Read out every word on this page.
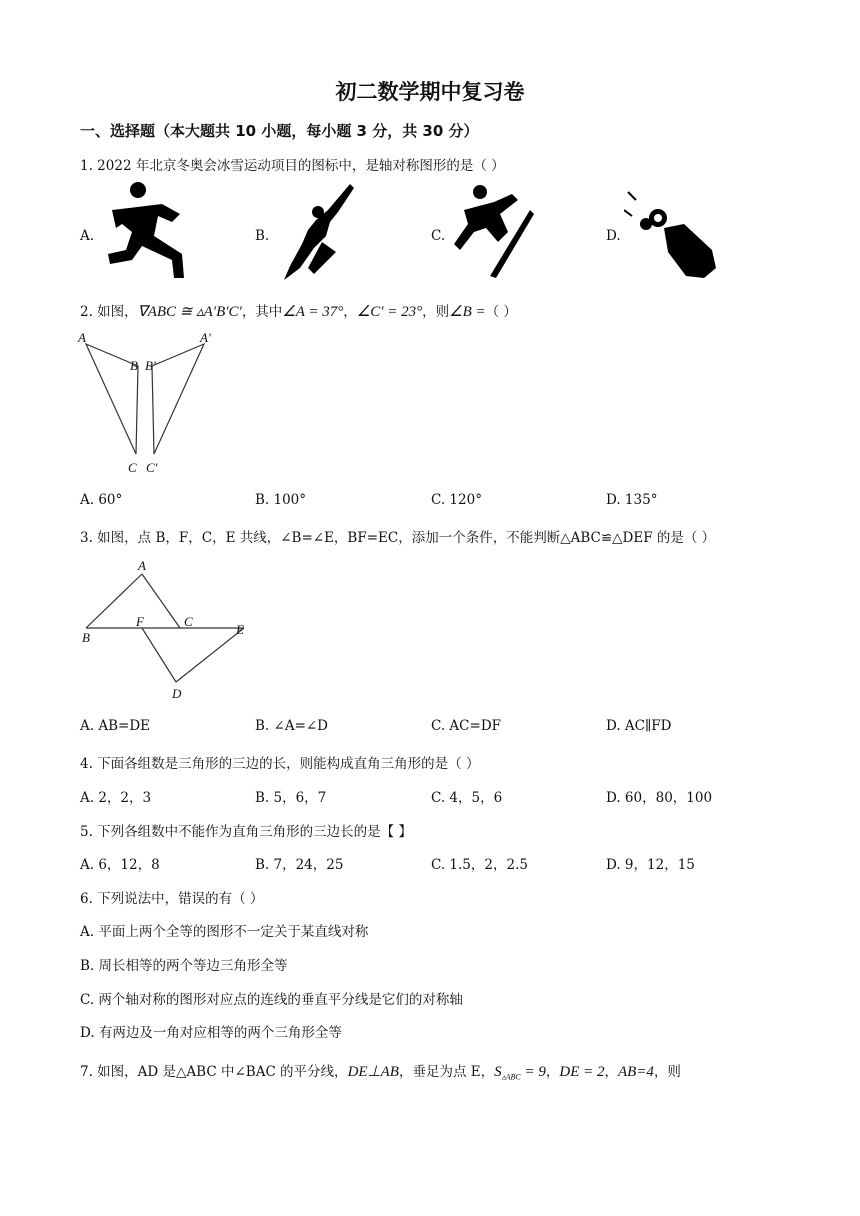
初二数学期中复习卷
一、选择题（本大题共 10 小题，每小题 3 分，共 30 分）
1. 2022 年北京冬奥会冰雪运动项目的图标中，是轴对称图形的是（ ）
A.	B.	C.	D.
2. 如图，∇ABC ≅ ▵A′B′C′，其中∠A = 37°，∠C′ = 23°，则∠B =（ ）
A
B B′
A′
C C′
A. 60°	B. 100°	C. 120°	D. 135°
3. 如图，点 B，F，C，E 共线，∠B=∠E，BF=EC，添加一个条件，不能判断△ABC≌△DEF 的是（ ）
A
B
F	C
E
D
A. AB=DE	B. ∠A=∠D	C. AC=DF	D. AC∥FD
4. 下面各组数是三角形的三边的长，则能构成直角三角形的是（ ）
A. 2，2，3	B. 5，6，7	C. 4，5，6	D. 60，80，100
5. 下列各组数中不能作为直角三角形的三边长的是【 】
A. 6，12，8	B. 7，24，25	C. 1.5，2，2.5	D. 9，12，15
6. 下列说法中，错误的有（ ）
A. 平面上两个全等的图形不一定关于某直线对称
B. 周长相等的两个等边三角形全等
C. 两个轴对称的图形对应点的连线的垂直平分线是它们的对称轴
D. 有两边及一角对应相等的两个三角形全等
7. 如图，AD 是△ABC 中∠BAC 的平分线，DE⊥AB，垂足为点 E，$S_{▵ABC} = 9$，DE = 2，AB=4，则
